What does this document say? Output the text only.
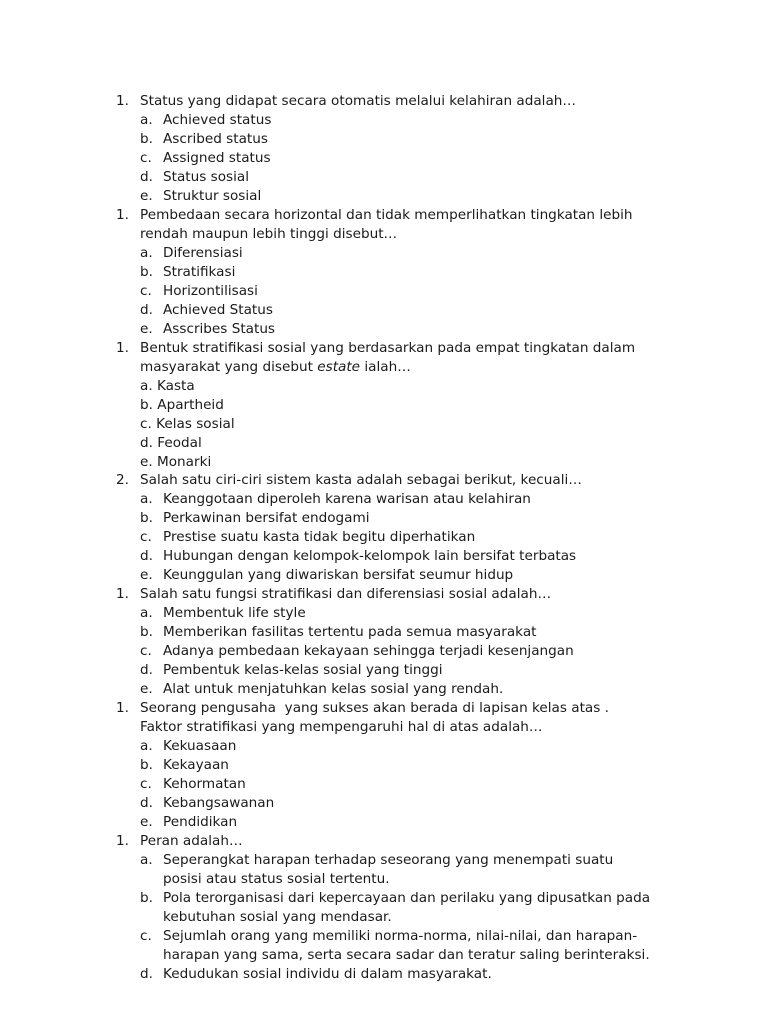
1. Status yang didapat secara otomatis melalui kelahiran adalah…
a. Achieved status
b. Ascribed status
c. Assigned status
d. Status sosial
e. Struktur sosial
1. Pembedaan secara horizontal dan tidak memperlihatkan tingkatan lebih
rendah maupun lebih tinggi disebut…
a. Diferensiasi
b. Stratifikasi
c. Horizontilisasi
d. Achieved Status
e. Asscribes Status
1. Bentuk stratifikasi sosial yang berdasarkan pada empat tingkatan dalam
masyarakat yang disebut estate ialah…
a. Kasta
b. Apartheid
c. Kelas sosial
d. Feodal
e. Monarki
2. Salah satu ciri-ciri sistem kasta adalah sebagai berikut, kecuali…
a. Keanggotaan diperoleh karena warisan atau kelahiran
b. Perkawinan bersifat endogami
c. Prestise suatu kasta tidak begitu diperhatikan
d. Hubungan dengan kelompok-kelompok lain bersifat terbatas
e. Keunggulan yang diwariskan bersifat seumur hidup
1. Salah satu fungsi stratifikasi dan diferensiasi sosial adalah…
a. Membentuk life style
b. Memberikan fasilitas tertentu pada semua masyarakat
c. Adanya pembedaan kekayaan sehingga terjadi kesenjangan
d. Pembentuk kelas-kelas sosial yang tinggi
e. Alat untuk menjatuhkan kelas sosial yang rendah.
1. Seorang pengusaha  yang sukses akan berada di lapisan kelas atas .
Faktor stratifikasi yang mempengaruhi hal di atas adalah…
a. Kekuasaan
b. Kekayaan
c. Kehormatan
d. Kebangsawanan
e. Pendidikan
1. Peran adalah…
a. Seperangkat harapan terhadap seseorang yang menempati suatu
posisi atau status sosial tertentu.
b. Pola terorganisasi dari kepercayaan dan perilaku yang dipusatkan pada
kebutuhan sosial yang mendasar.
c. Sejumlah orang yang memiliki norma-norma, nilai-nilai, dan harapan-
harapan yang sama, serta secara sadar dan teratur saling berinteraksi.
d. Kedudukan sosial individu di dalam masyarakat.
